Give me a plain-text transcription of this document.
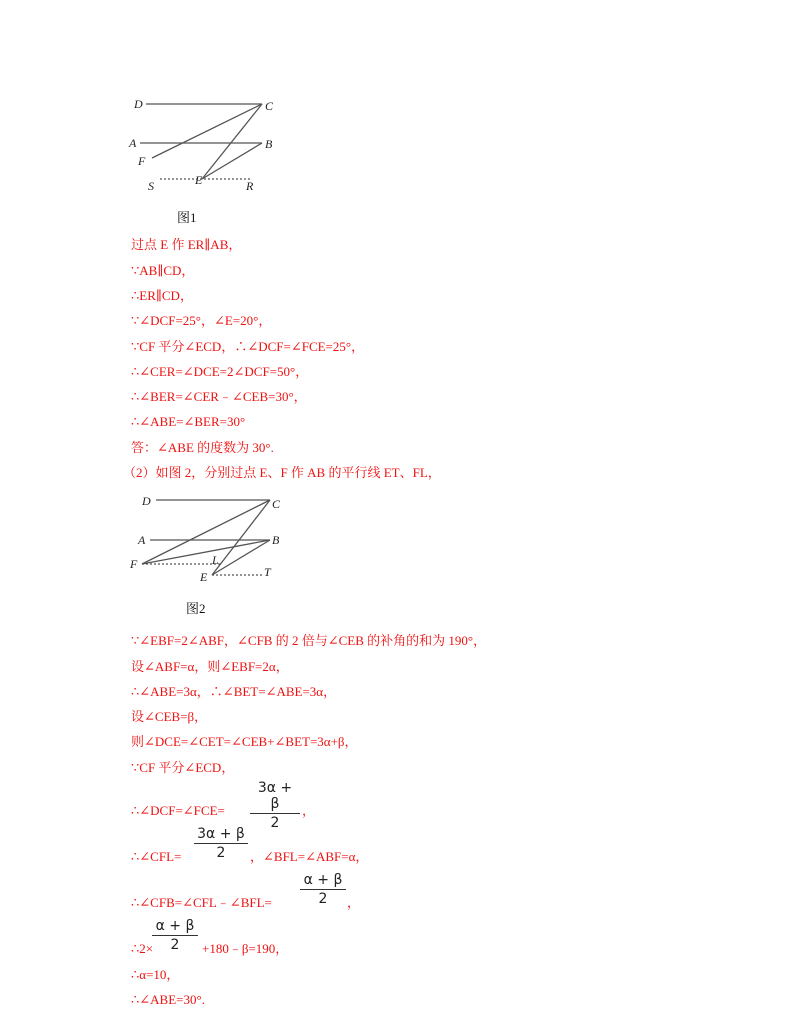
D	C
A	B
F
S	E	R
图1
过点 E 作 ER∥AB，
∵AB∥CD，
∴ER∥CD，
∵∠DCF=25°，∠E=20°，
∵CF 平分∠ECD，∴∠DCF=∠FCE=25°，
∴∠CER=∠DCE=2∠DCF=50°，
∴∠BER=∠CER﹣∠CEB=30°，
∴∠ABE=∠BER=30°
答：∠ABE 的度数为 30°.
（2）如图 2，分别过点 E、F 作 AB 的平行线 ET、FL，
D	C
A	B
F	L
E	T
图2
∵∠EBF=2∠ABF，∠CFB 的 2 倍与∠CEB 的补角的和为 190°，
设∠ABF=α，则∠EBF=2α，
∴∠ABE=3α，∴∠BET=∠ABE=3α，
设∠CEB=β，
则∠DCE=∠CET=∠CEB+∠BET=3α+β，
∵CF 平分∠ECD，
∴∠DCF=∠FCE= $\frac{3\alpha + \beta}{2}$ ，
∴∠CFL= $\frac{3\alpha + \beta}{2}$ ，∠BFL=∠ABF=α，
∴∠CFB=∠CFL﹣∠BFL= $\frac{\alpha + \beta}{2}$ ，
∴2×
$\frac{\alpha + \beta}{2}$ +180﹣β=190，
∴α=10，
∴∠ABE=30°.
